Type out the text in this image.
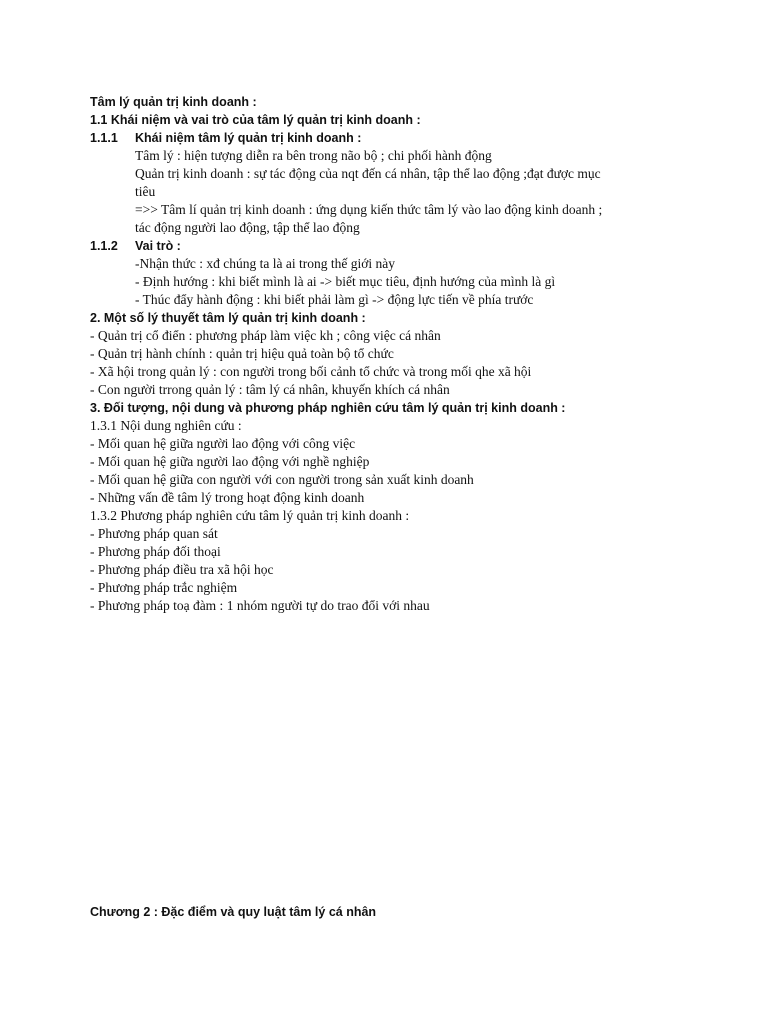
Tâm lý quản trị kinh doanh :
1.1 Khái niệm và vai trò của tâm lý quản trị kinh doanh :
1.1.1 Khái niệm tâm lý quản trị kinh doanh :
Tâm lý : hiện tượng diễn ra bên trong não bộ ; chi phối hành động
Quản trị kinh doanh : sự tác động của nqt đến cá nhân, tập thể lao động ;đạt được mục
tiêu
=>> Tâm lí quản trị kinh doanh : ứng dụng kiến thức tâm lý vào lao động kinh doanh ;
tác động người lao động, tập thể lao động
1.1.2 Vai trò :
-Nhận thức : xđ chúng ta là ai trong thế giới này
- Định hướng : khi biết mình là ai -> biết mục tiêu, định hướng của mình là gì
- Thúc đẩy hành động : khi biết phải làm gì -> động lực tiến về phía trước
2. Một số lý thuyết tâm lý quản trị kinh doanh :
- Quản trị cổ điển : phương pháp làm việc kh ; công việc cá nhân
- Quản trị hành chính : quản trị hiệu quả toàn bộ tổ chức
- Xã hội trong quản lý : con người trong bối cảnh tổ chức và trong mối qhe xã hội
- Con người trrong quản lý : tâm lý cá nhân, khuyến khích cá nhân
3. Đối tượng, nội dung và phương pháp nghiên cứu tâm lý quản trị kinh doanh :
1.3.1 Nội dung nghiên cứu :
- Mối quan hệ giữa người lao động với công việc
- Mối quan hệ giữa người lao động với nghề nghiệp
- Mối quan hệ giữa con người với con người trong sản xuất kinh doanh
- Những vấn đề tâm lý trong hoạt động kinh doanh
1.3.2 Phương pháp nghiên cứu tâm lý quản trị kinh doanh :
- Phương pháp quan sát
- Phương pháp đối thoại
- Phương pháp điều tra xã hội học
- Phương pháp trắc nghiệm
- Phương pháp toạ đàm : 1 nhóm người tự do trao đổi với nhau
Chương 2 : Đặc điểm và quy luật tâm lý cá nhân
